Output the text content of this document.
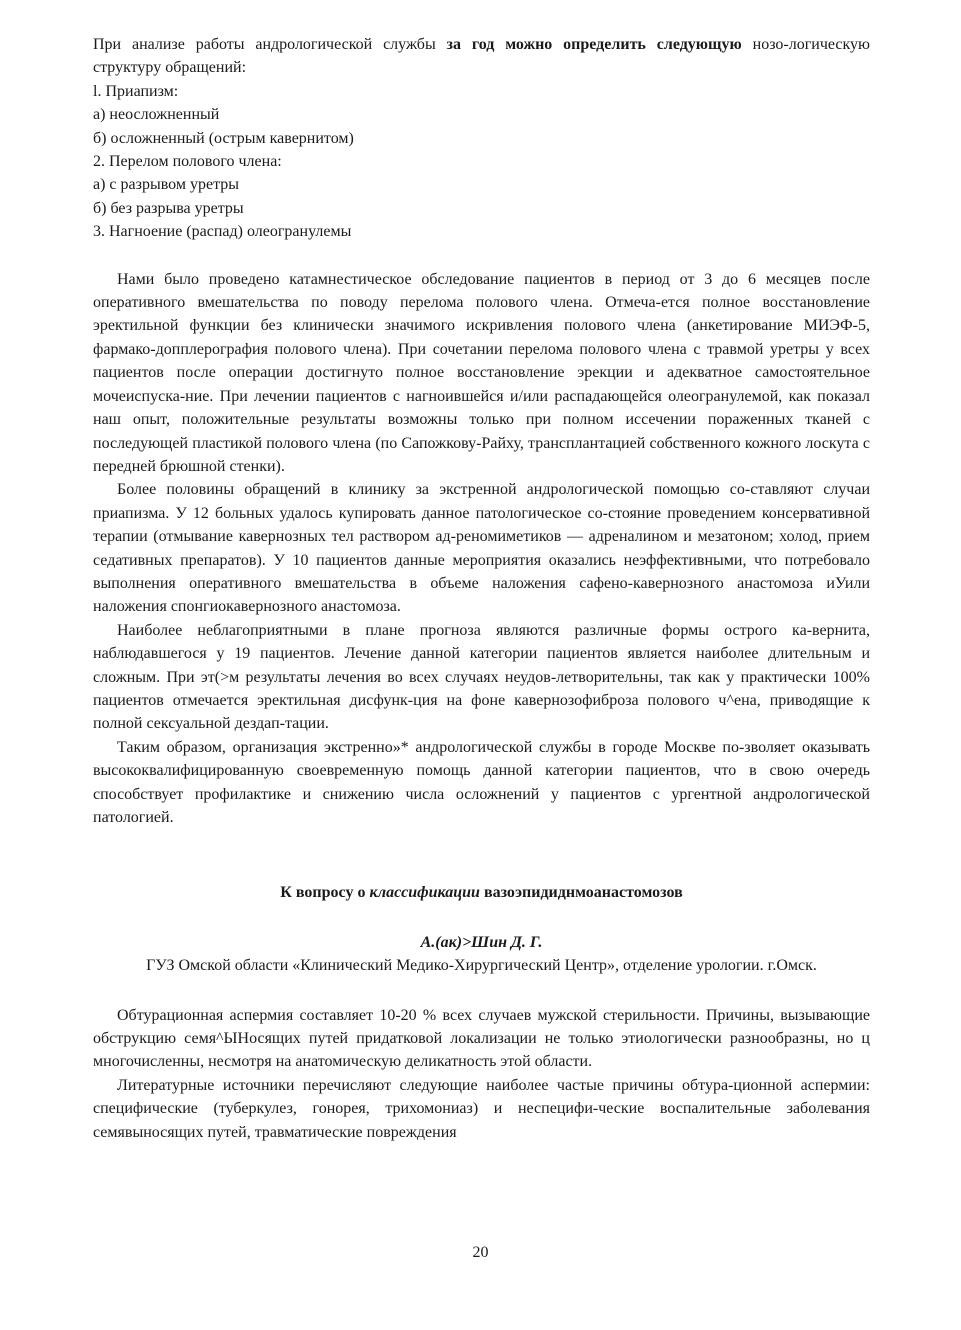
При анализе работы андрологической службы за год можно определить следующую нозо-логическую структуру обращений:

l. Приапизм:
а) неосложненный
б) осложненный (острым кавернитом)
2. Перелом полового члена:
а) с разрывом уретры
б) без разрыва уретры
3. Нагноение (распад) олеогранулемы

Нами было проведено катамнестическое обследование пациентов в период от 3 до 6 месяцев после оперативного вмешательства по поводу перелома полового члена. Отмеча-ется полное восстановление эректильной функции без клинически значимого искривления полового члена (анкетирование МИЭФ-5, фармако-допплерография полового члена). При сочетании перелома полового члена с травмой уретры у всех пациентов после операции достигнуто полное восстановление эрекции и адекватное самостоятельное мочеиспуска-ние. При лечении пациентов с нагноившейся и/или распадающейся олеогранулемой, как показал наш опыт, положительные результаты возможны только при полном иссечении пораженных тканей с последующей пластикой полового члена (по Сапожкову-Райху, трансплантацией собственного кожного лоскута с передней брюшной стенки).

Более половины обращений в клинику за экстренной андрологической помощью со-ставляют случаи приапизма. У 12 больных удалось купировать данное патологическое со-стояние проведением консервативной терапии (отмывание кавернозных тел раствором ад-реномиметиков — адреналином и мезатоном; холод, прием седативных препаратов). У 10 пациентов данные мероприятия оказались неэффективными, что потребовало выполнения оперативного вмешательства в объеме наложения сафено-кавернозного анастомоза иУили наложения спонгиокавернозного анастомоза.

Наиболее неблагоприятными в плане прогноза являются различные формы острого ка-вернита, наблюдавшегося у 19 пациентов. Лечение данной категории пациентов является наиболее длительным и сложным. При эт(>м результаты лечения во всех случаях неудов-летворительны, так как у практически 100% пациентов отмечается эректильная дисфунк-ция на фоне кавернозофиброза полового ч^ена, приводящие к полной сексуальной дездап-тации.

Таким образом, организация экстренно»* андрологической службы в городе Москве по-зволяет оказывать высококвалифицированную своевременную помощь данной категории пациентов, что в свою очередь способствует профилактике и снижению числа осложнений у пациентов с ургентной андрологической патологией.

К вопросу о классификации вазоэпидиднмоанастомозов

А.(ак)>Шин Д. Г.

ГУЗ Омской области «Клинический Медико-Хирургический Центр», отделение урологии. г.Омск.

Обтурационная аспермия составляет 10-20 % всех случаев мужской стерильности. Причины, вызывающие обструкцию семя^ЫНосящих путей придатковой локализации не только этиологически разнообразны, но ц многочисленны, несмотря на анатомическую деликатность этой области.

Литературные источники перечисляют следующие наиболее частые причины обтура-ционной аспермии: специфические (туберкулез, гонорея, трихомониаз) и неспецифи-ческие воспалительные заболевания семявыносящих путей, травматические повреждения

20
